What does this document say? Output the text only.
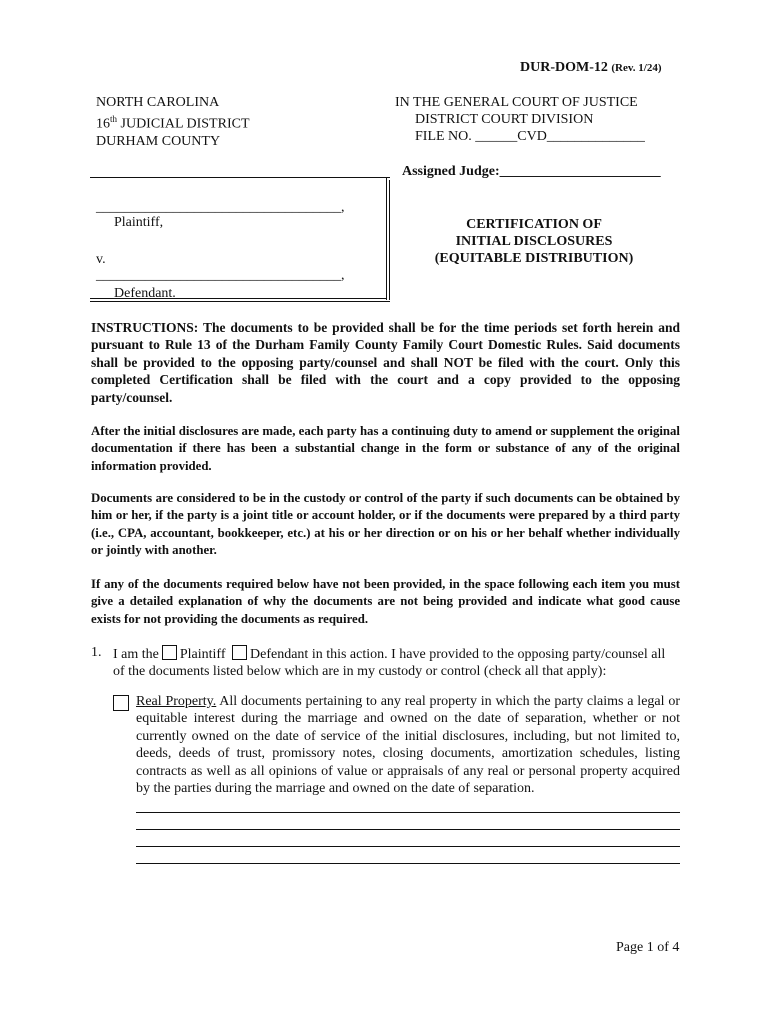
DUR-DOM-12 (Rev. 1/24)
NORTH CAROLINA
16th JUDICIAL DISTRICT
DURHAM COUNTY
IN THE GENERAL COURT OF JUSTICE
DISTRICT COURT DIVISION
FILE NO. ______CVD______________
Assigned Judge:_______________________
___________________________________,
Plaintiff,
v.
___________________________________,
Defendant.
CERTIFICATION OF
INITIAL DISCLOSURES
(EQUITABLE DISTRIBUTION)
INSTRUCTIONS: The documents to be provided shall be for the time periods set forth herein and pursuant to Rule 13 of the Durham Family County Family Court Domestic Rules. Said documents shall be provided to the opposing party/counsel and shall NOT be filed with the court. Only this completed Certification shall be filed with the court and a copy provided to the opposing party/counsel.
After the initial disclosures are made, each party has a continuing duty to amend or supplement the original documentation if there has been a substantial change in the form or substance of any of the original information provided.
Documents are considered to be in the custody or control of the party if such documents can be obtained by him or her, if the party is a joint title or account holder, or if the documents were prepared by a third party (i.e., CPA, accountant, bookkeeper, etc.) at his or her direction or on his or her behalf whether individually or jointly with another.
If any of the documents required below have not been provided, in the space following each item you must give a detailed explanation of why the documents are not being provided and indicate what good cause exists for not providing the documents as required.
1. I am the Plaintiff Defendant in this action. I have provided to the opposing party/counsel all of the documents listed below which are in my custody or control (check all that apply):
Real Property. All documents pertaining to any real property in which the party claims a legal or equitable interest during the marriage and owned on the date of separation, whether or not currently owned on the date of service of the initial disclosures, including, but not limited to, deeds, deeds of trust, promissory notes, closing documents, amortization schedules, listing contracts as well as all opinions of value or appraisals of any real or personal property acquired by the parties during the marriage and owned on the date of separation.
Page 1 of 4
